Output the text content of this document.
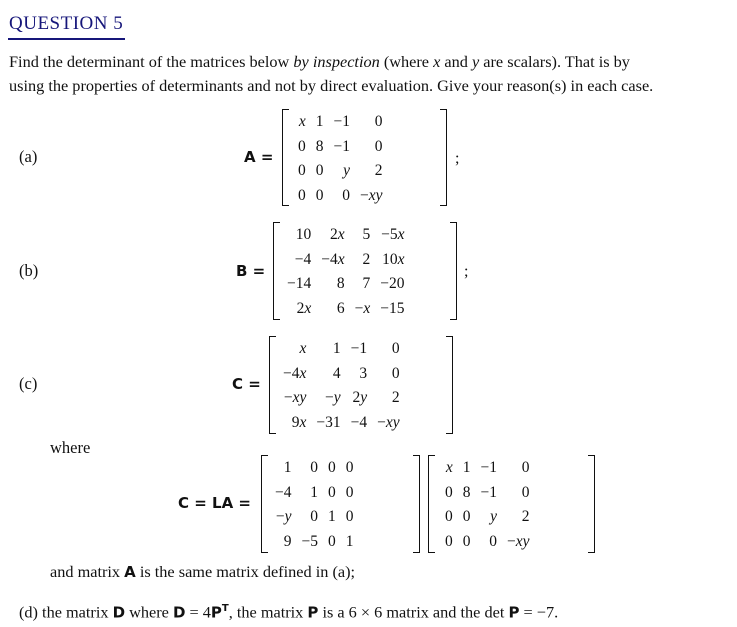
QUESTION 5
Find the determinant of the matrices below by inspection (where x and y are scalars). That is by
using the properties of determinants and not by direct evaluation. Give your reason(s) in each case.
(a)	A =
x	1	−1	0
0	8	−1	0
0	0	y	2
0	0	0	−xy
;
(b)	B =
10	2x	5	−5x
−4	−4x	2	10x
−14	8	7	−20
2x	6	−x	−15
;
(c)	C =
x	1	−1	0
−4x	4	3	0
−xy	−y	2y	2
9x	−31	−4	−xy
where
C = LA =
1	0	0	0
−4	1	0	0
−y	0	1	0
9	−5	0	1
x	1	−1	0
0	8	−1	0
0	0	y	2
0	0	0	−xy
and matrix A is the same matrix defined in (a);
(d) the matrix D where $D = 4P^T$, the matrix P is a 6 × 6 matrix and the det P = −7.
